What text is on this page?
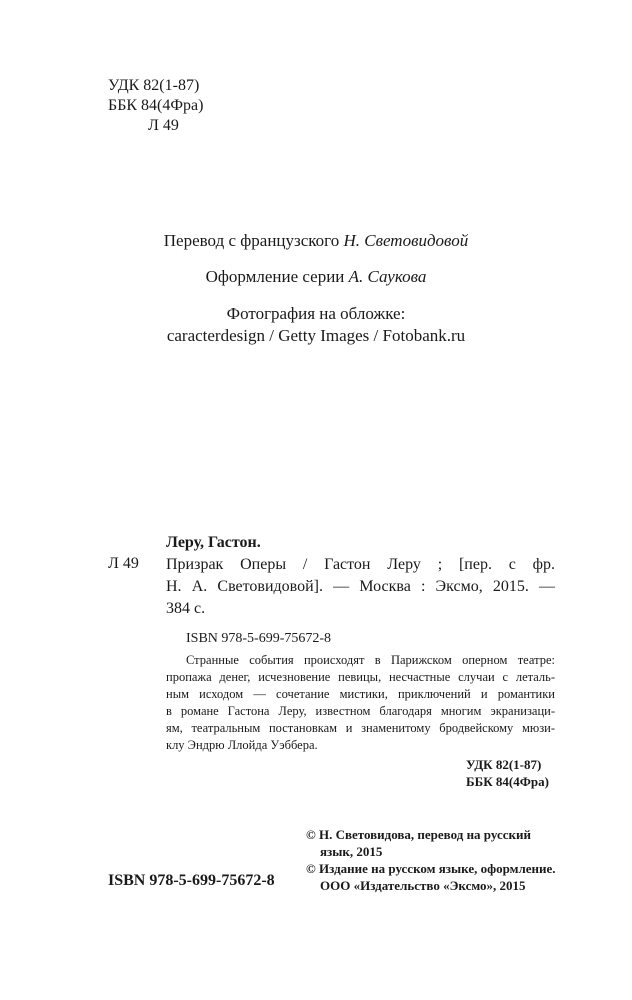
УДК 82(1-87)
ББК 84(4Фра)
Л 49
Перевод с французского Н. Световидовой
Оформление серии А. Саукова
Фотография на обложке:
caracterdesign / Getty Images / Fotobank.ru
Леру, Гастон.
Л 49 Призрак Оперы / Гастон Леру ; [пер. с фр.
Н. А. Световидовой]. — Москва : Эксмо, 2015. —
384 с.
ISBN 978-5-699-75672-8
Странные события происходят в Парижском оперном театре:
пропажа денег, исчезновение певицы, несчастные случаи с леталь-
ным исходом — сочетание мистики, приключений и романтики
в романе Гастона Леру, известном благодаря многим экранизаци-
ям, театральным постановкам и знаменитому бродвейскому мюзи-
клу Эндрю Ллойда Уэббера.
УДК 82(1-87)
ББК 84(4Фра)
© Н. Световидова, перевод на русский
язык, 2015
© Издание на русском языке, оформление.
ООО «Издательство «Эксмо», 2015
ISBN 978-5-699-75672-8
